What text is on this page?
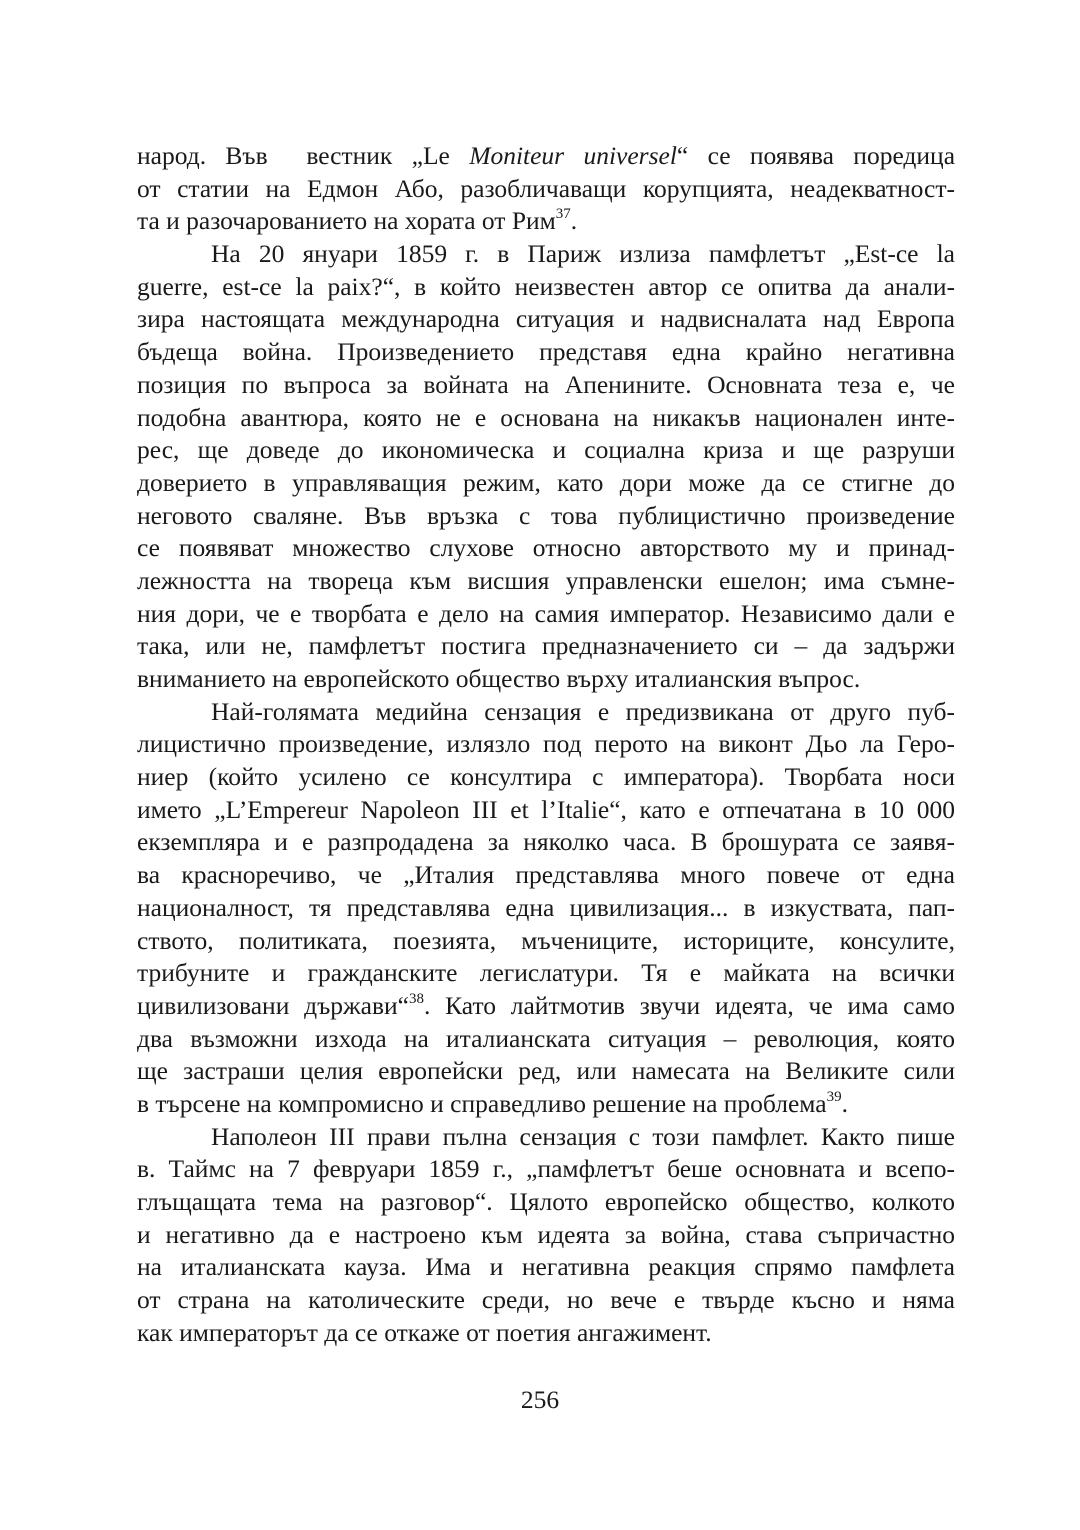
народ. Във  вестник „Le Moniteur universel“ се появява поредица
от статии на Едмон Або, разобличаващи корупцията, неадекватност-
та и разочарованието на хората от Рим$^{37}$.
На 20 януари 1859 г. в Париж излиза памфлетът „Est-ce la
guerre, est-ce la paix?“, в който неизвестен автор се опитва да анали-
зира настоящата международна ситуация и надвисналата над Европа
бъдеща война. Произведението представя една крайно негативна
позиция по въпроса за войната на Апенините. Основната теза е, че
подобна авантюра, която не е основана на никакъв национален инте-
рес, ще доведе до икономическа и социална криза и ще разруши
доверието в управляващия режим, като дори може да се стигне до
неговото сваляне. Във връзка с това публицистично произведение
се появяват множество слухове относно авторството му и принад-
лежността на твореца към висшия управленски ешелон; има съмне-
ния дори, че е творбата е дело на самия император. Независимо дали е
така, или не, памфлетът постига предназначението си – да задържи
вниманието на европейското общество върху италианския въпрос.
Най-голямата медийна сензация е предизвикана от друго пуб-
лицистично произведение, излязло под перото на виконт Дьо ла Геро-
ниер (който усилено се консултира с императора). Творбата носи
името „L’Empereur Napoleon III et l’Italie“, като е отпечатана в 10 000
екземпляра и е разпродадена за няколко часа. В брошурата се заявя-
ва красноречиво, че „Италия представлява много повече от една
националност, тя представлява една цивилизация... в изкуствата, пап-
ството, политиката, поезията, мъчениците, историците, консулите,
трибуните и гражданските легислатури. Тя е майката на всички
цивилизовани държави“$^{38}$. Като лайтмотив звучи идеята, че има само
два възможни изхода на италианската ситуация – революция, която
ще застраши целия европейски ред, или намесата на Великите сили
в търсене на компромисно и справедливо решение на проблема$^{39}$.
Наполеон III прави пълна сензация с този памфлет. Както пише
в. Таймс на 7 февруари 1859 г., „памфлетът беше основната и всепо-
глъщащата тема на разговор“. Цялото европейско общество, колкото
и негативно да е настроено към идеята за война, става съпричастно
на италианската кауза. Има и негативна реакция спрямо памфлета
от страна на католическите среди, но вече е твърде късно и няма
как императорът да се откаже от поетия ангажимент.
256
